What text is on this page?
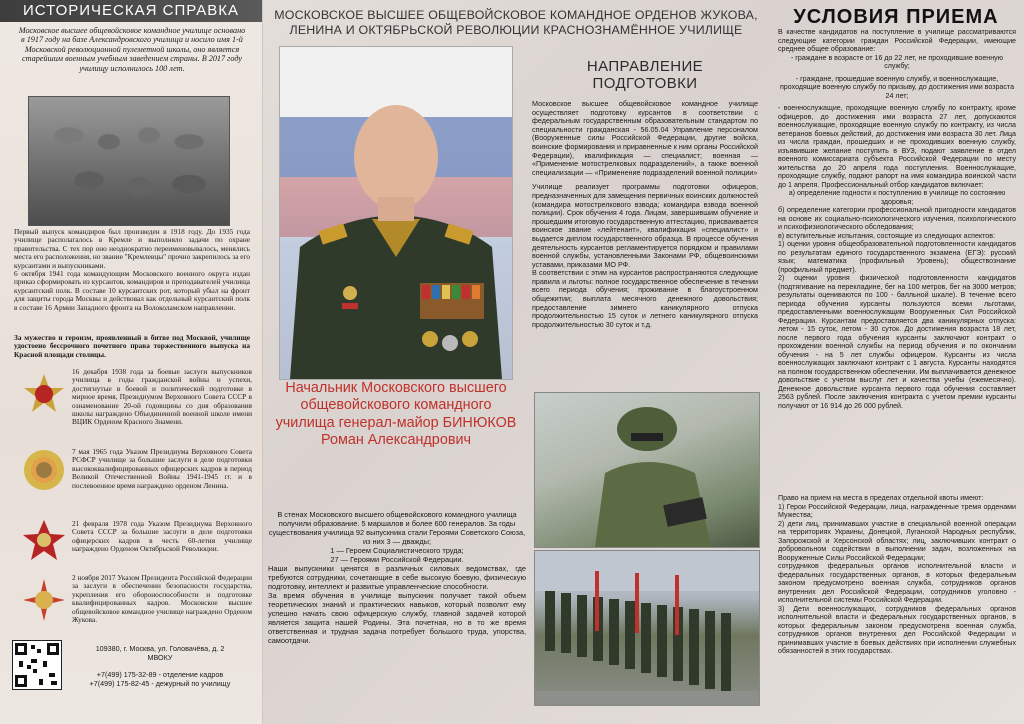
ИСТОРИЧЕСКАЯ СПРАВКА
Московское высшее общевойсковое командное училище основано в 1917 году на базе Александровского училища и носило имя 1-й Московской революционной пулеметной школы, оно является старейшим военным учебным заведением страны. В 2017 году училищу исполнилось 100 лет.
Первый выпуск командиров был произведен в 1918 году. До 1935 года училище располагалось в Кремле и выполняло задачи по охране правительства. С тех пор оно неоднократно переименовывалось, менялись места его расположения, но звание "Кремлевцы" прочно закрепилось за его курсантами и выпускниками.
6 октября 1941 года командующим Московского военного округа издан приказ сформировать из курсантов, командиров и преподавателей училища курсантский полк. В составе 10 курсантских рот, который убыл на фронт для защиты города Москвы и действовал как отдельный курсантский полк в составе 16 Армии Западного фронта на Волоколамском направлении.
За мужество и героизм, проявленный в битве под Москвой, училище удостоено бессрочного почетного права торжественного выпуска на Красной площади столицы.
16 декабря 1938 года за боевые заслуги выпускников училища в годы гражданской войны и успехи, достигнутые в боевой и политической подготовке в мирное время, Президиумом Верховного Совета СССР в ознаменование 20-ой годовщины со дня образования школы награждено Объединенной военной школе имени ВЦИК Орденом Красного Знамени.
7 мая 1965 года Указом Президиума Верховного Совета РСФСР училище за большие заслуги в деле подготовки высококвалифицированных офицерских кадров в период Великой Отечественной Войны 1941-1945 гг. и в послевоенное время награждено орденом Ленина.
21 февраля 1978 года Указом Президиума Верховного Совета СССР за большие заслуги в деле подготовки офицерских кадров в честь 60-летия училище награждено Орденом Октябрьской Революции.
2 ноября 2017 Указом Президента Российской Федерации за заслуги в обеспечении безопасности государства, укрепления его обороноспособности и подготовке квалифицированных кадров. Московское высшее общевойсковое командное училище награждено Орденом Жукова.
109380, г. Москва, ул. Головачёва, д. 2
МВОКУ
+7(499) 175-32-89 - отделение кадров
+7(499) 175-82-45 - дежурный по училищу
МОСКОВСКОЕ ВЫСШЕЕ ОБЩЕВОЙСКОВОЕ КОМАНДНОЕ ОРДЕНОВ ЖУКОВА, ЛЕНИНА И ОКТЯБРЬСКОЙ РЕВОЛЮЦИИ КРАСНОЗНАМЁННОЕ УЧИЛИЩЕ
Начальник Московского высшего общевойскового командного училища генерал-майор БИНЮКОВ Роман Александрович

В стенах Московского высшего общевойскового командного училища получили образование. 5 маршалов и более 600 генералов. За годы существования училища 92 выпускника стали Героями Советского Союза, из них 3 — дважды;

1 — Героем Социалистического труда;

27 — Героями Российской Федерации.

Наши выпускники ценятся в различных силовых ведомствах, где требуются сотрудники, сочетающие в себе высокую боевую, физическую подготовку, интеллект и развитые управленческие способности.

За время обучения в училище выпускник получает такой объем теоретических знаний и практических навыков, который позволит ему успешно начать свою офицерскую службу, главной задачей которой является защита нашей Родины. Эта почетная, но в то же время ответственная и трудная задача потребует большого труда, упорства, самоотдачи.

НАПРАВЛЕНИЕ ПОДГОТОВКИ

Московское высшее общевойсковое командное училище осуществляет подготовку курсантов в соответствии с федеральным государственным образовательным стандартом по специальности гражданская - 56.05.04 Управление персоналом (Вооруженные силы Российской Федерации, другие войска, воинские формирования и приравненные к ним органы Российской Федерации), квалификация — специалист; военная — «Применение мотострелковых подразделений», а также военной специализации — «Применение подразделений военной полиции»

Училище реализует программы подготовки офицеров, предназначенных для замещения первичных воинских должностей (командира мотострелкового взвода; командира взвода военной полиции). Срок обучения 4 года. Лицам, завершившим обучение и прошедшим итоговую государственную аттестацию, присваивается воинское звание «лейтенант», квалификация «специалист» и выдается диплом государственного образца. В процессе обучения деятельность курсантов регламентируется порядком и правилами военной службы, установленными Законами РФ, общевоинскими уставами, приказами МО РФ.

В соответствии с этим на курсантов распространяются следующие правила и льготы: полное государственное обеспечение в течении всего периода обучения; проживание в благоустроенном общежитии; выплата месячного денежного довольствия; предоставление зимнего каникулярного отпуска продолжительностью 15 суток и летнего каникулярного отпуска продолжительностью 30 суток и т.д.

УСЛОВИЯ ПРИЕМА

В качестве кандидатов на поступление в училище рассматриваются следующие категории граждан Российской Федерации, имеющие среднее общее образование:

- граждане в возрасте от 16 до 22 лет, не проходившие военную службу;

- граждане, прошедшие военную службу, и военнослужащие, проходящие военную службу по призыву, до достижения ими возраста 24 лет;

- военнослужащие, проходящие военную службу по контракту, кроме офицеров, до достижения ими возраста 27 лет, допускаются военнослужащие, проходящие военную службу по контракту, из числа ветеранов боевых действий, до достижения ими возраста 30 лет. Лица из числа граждан, прошедших и не проходивших военную службу, изъявившие желание поступить в ВУЗ, подают заявление в отдел военного комиссариата субъекта Российской Федерации по месту жительства до 20 апреля года поступления. Военнослужащие, проходящие службу, подают рапорт на имя командира воинской части до 1 апреля. Профессиональный отбор кандидатов включает:

а) определение годности к поступлению в училище по состоянию здоровья;

б) определение категории профессиональной пригодности кандидатов на основе их социально-психологического изучения, психологического и психофизиологического обследования;

в) вступительные испытания, состоящие из следующих аспектов:

1) оценки уровня общеобразовательной подготовленности кандидатов по результатам единого государственного экзамена (ЕГЭ): русский язык; математика (профильный Уровень); обществознание (профильный предмет).

2) оценки уровня физической подготовленности кандидатов (подтягивание на перекладине, бег на 100 метров, бег на 3000 метров; результаты оцениваются по 100 - балльной шкале). В течение всего периода обучения курсанты пользуются всеми льготами, предоставленными военнослужащим Вооруженных Сил Российской Федерации. Курсантам предоставляется два каникулярных отпуска: летом - 15 суток, летом - 30 суток. До достижения возраста 18 лет, после первого года обучения курсанты заключают контракт о прохождении военной службы на период обучения и по окончании обучения - на 5 лет службы офицером. Курсанты из числа военнослужащих заключают контракт с 1 августа. Курсанты находятся на полном государственном обеспечении. Им выплачивается денежное довольствие с учетом выслуг лет и качества учебы (ежемесячно). Денежное довольствие курсанта первого года обучения составляет 2563 рублей. После заключения контракта с учетом премии курсанты получают от 16 914 до 26 000 рублей.

Право на прием на места в пределах отдельной квоты имеют:

1) Герои Российской Федерации, лица, награжденные тремя орденами Мужества;

2) дети лиц, принимавших участие в специальной военной операции на территориях Украины, Донецкой, Луганской Народных республик, Запорожской и Херсонской областях; лиц, заключивших контракт о добровольном содействии в выполнении задач, возложенных на Вооруженные Силы Российской Федерации;

сотрудников федеральных органов исполнительной власти и федеральных государственных органов, в которых федеральным законом предусмотрено военная служба, сотрудников органов внутренних дел Российской Федерации, сотрудников уголовно - исполнительной системы Российской Федерации.

3) Дети военнослужащих, сотрудников федеральных органов исполнительной власти и федеральных государственных органов, в которых федеральным законом предусмотрена военная служба, сотрудников органов внутренних дел Российской Федерации и принимавших участие в боевых действиях при исполнении служебных обязанностей в этих государствах.
